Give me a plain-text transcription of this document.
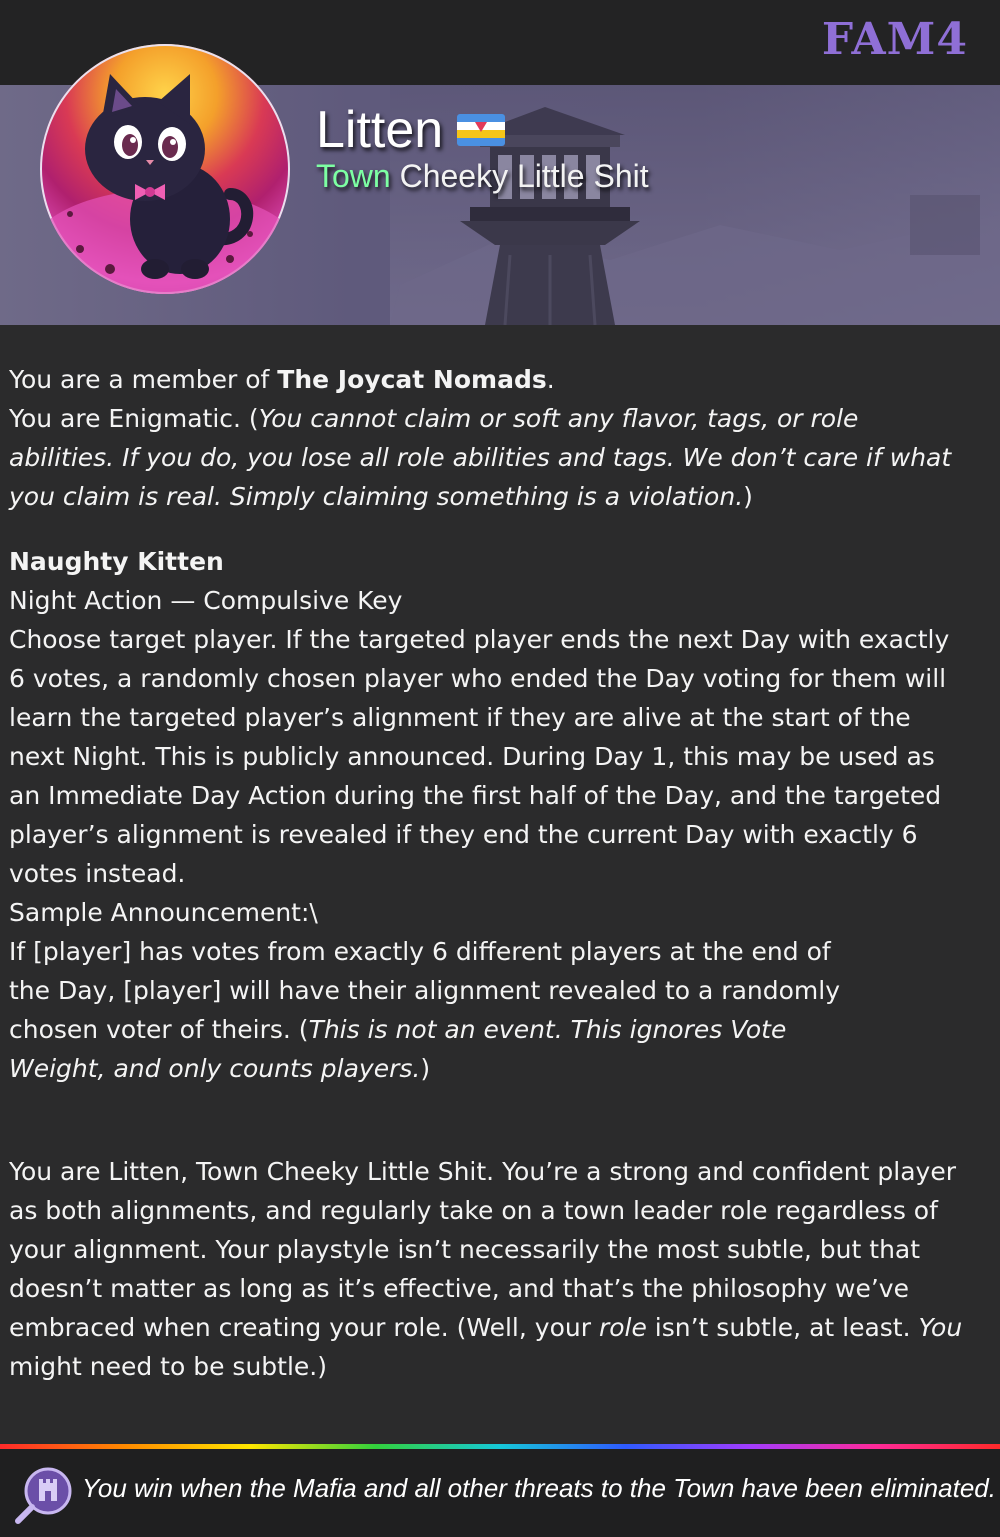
FAM4
Litten
Town Cheeky Little Shit

You are a member of The Joycat Nomads.

You are Enigmatic. (You cannot claim or soft any flavor, tags, or role abilities. If you do, you lose all role abilities and tags. We don’t care if what you claim is real. Simply claiming something is a violation.)

Naughty Kitten

Night Action — Compulsive Key

Choose target player. If the targeted player ends the next Day with exactly 6 votes, a randomly chosen player who ended the Day voting for them will learn the targeted player’s alignment if they are alive at the start of the next Night. This is publicly announced. During Day 1, this may be used as an Immediate Day Action during the first half of the Day, and the targeted player’s alignment is revealed if they end the current Day with exactly 6 votes instead.

Sample Announcement:\

If [player] has votes from exactly 6 different players at the end of the Day, [player] will have their alignment revealed to a randomly chosen voter of theirs. (This is not an event. This ignores Vote Weight, and only counts players.)

You are Litten, Town Cheeky Little Shit. You’re a strong and confident player as both alignments, and regularly take on a town leader role regardless of your alignment. Your playstyle isn’t necessarily the most subtle, but that doesn’t matter as long as it’s effective, and that’s the philosophy we’ve embraced when creating your role. (Well, your role isn’t subtle, at least. You might need to be subtle.)

You win when the Mafia and all other threats to the Town have been eliminated.
